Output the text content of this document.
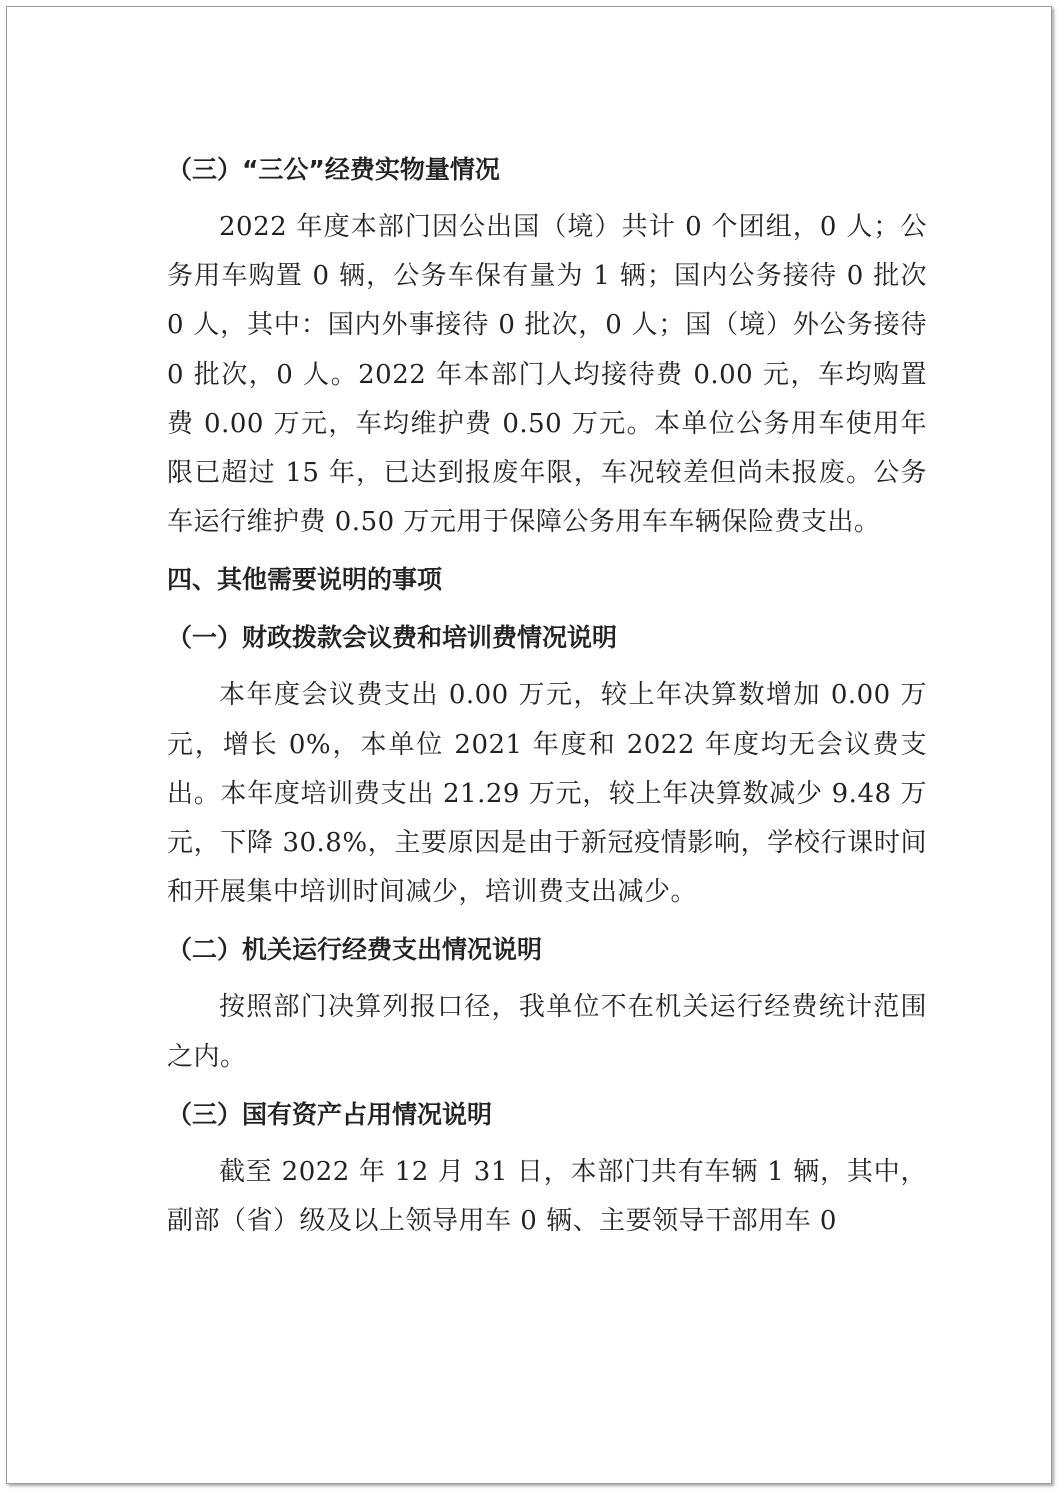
（三）“三公”经费实物量情况

2022 年度本部门因公出国（境）共计 0 个团组，0 人；公务用车购置 0 辆，公务车保有量为 1 辆；国内公务接待 0 批次 0 人，其中：国内外事接待 0 批次，0 人；国（境）外公务接待 0 批次，0 人。2022 年本部门人均接待费 0.00 元，车均购置费 0.00 万元，车均维护费 0.50 万元。本单位公务用车使用年限已超过 15 年，已达到报废年限，车况较差但尚未报废。公务车运行维护费 0.50 万元用于保障公务用车车辆保险费支出。

四、其他需要说明的事项

（一）财政拨款会议费和培训费情况说明

本年度会议费支出 0.00 万元，较上年决算数增加 0.00 万元，增长 0%，本单位 2021 年度和 2022 年度均无会议费支出。本年度培训费支出 21.29 万元，较上年决算数减少 9.48 万元，下降 30.8%，主要原因是由于新冠疫情影响，学校行课时间和开展集中培训时间减少，培训费支出减少。

（二）机关运行经费支出情况说明

按照部门决算列报口径，我单位不在机关运行经费统计范围之内。

（三）国有资产占用情况说明

截至 2022 年 12 月 31 日，本部门共有车辆 1 辆，其中，副部（省）级及以上领导用车 0 辆、主要领导干部用车 0
